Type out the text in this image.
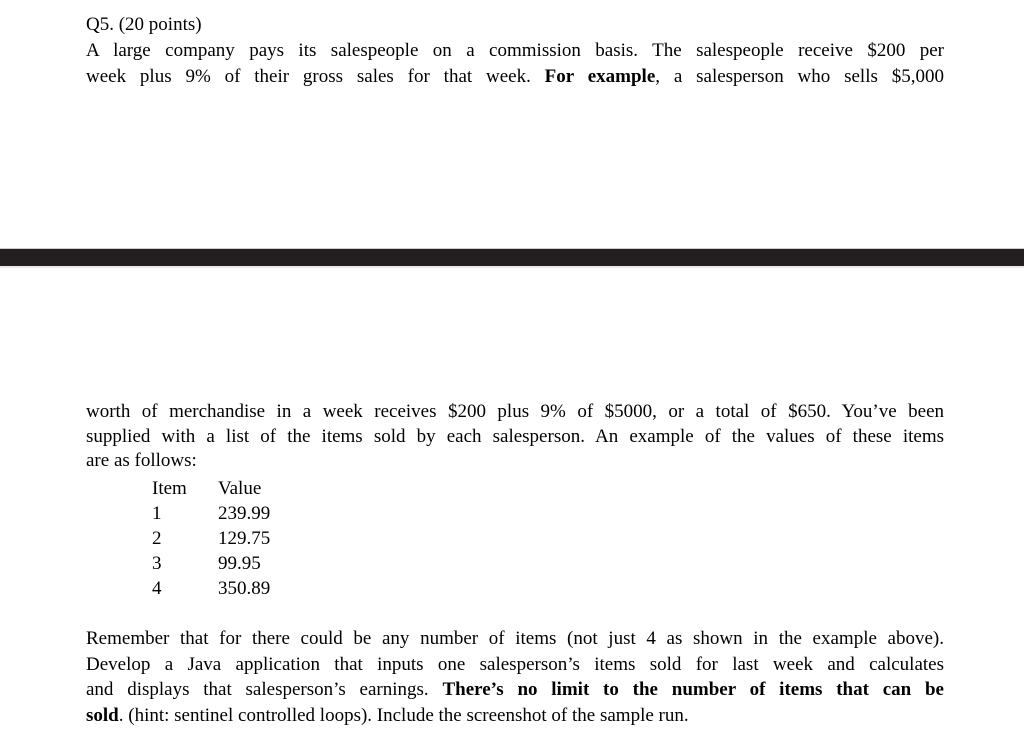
Q5. (20 points)
A large company pays its salespeople on a commission basis. The salespeople receive $200 per
week plus 9% of their gross sales for that week. For example, a salesperson who sells $5,000
worth of merchandise in a week receives $200 plus 9% of $5000, or a total of $650. You’ve been
supplied with a list of the items sold by each salesperson. An example of the values of these items
are as follows:
Item	Value
1	239.99
2	129.75
3	99.95
4	350.89
Remember that for there could be any number of items (not just 4 as shown in the example above).
Develop a Java application that inputs one salesperson’s items sold for last week and calculates
and displays that salesperson’s earnings. There’s no limit to the number of items that can be
sold. (hint: sentinel controlled loops). Include the screenshot of the sample run.
